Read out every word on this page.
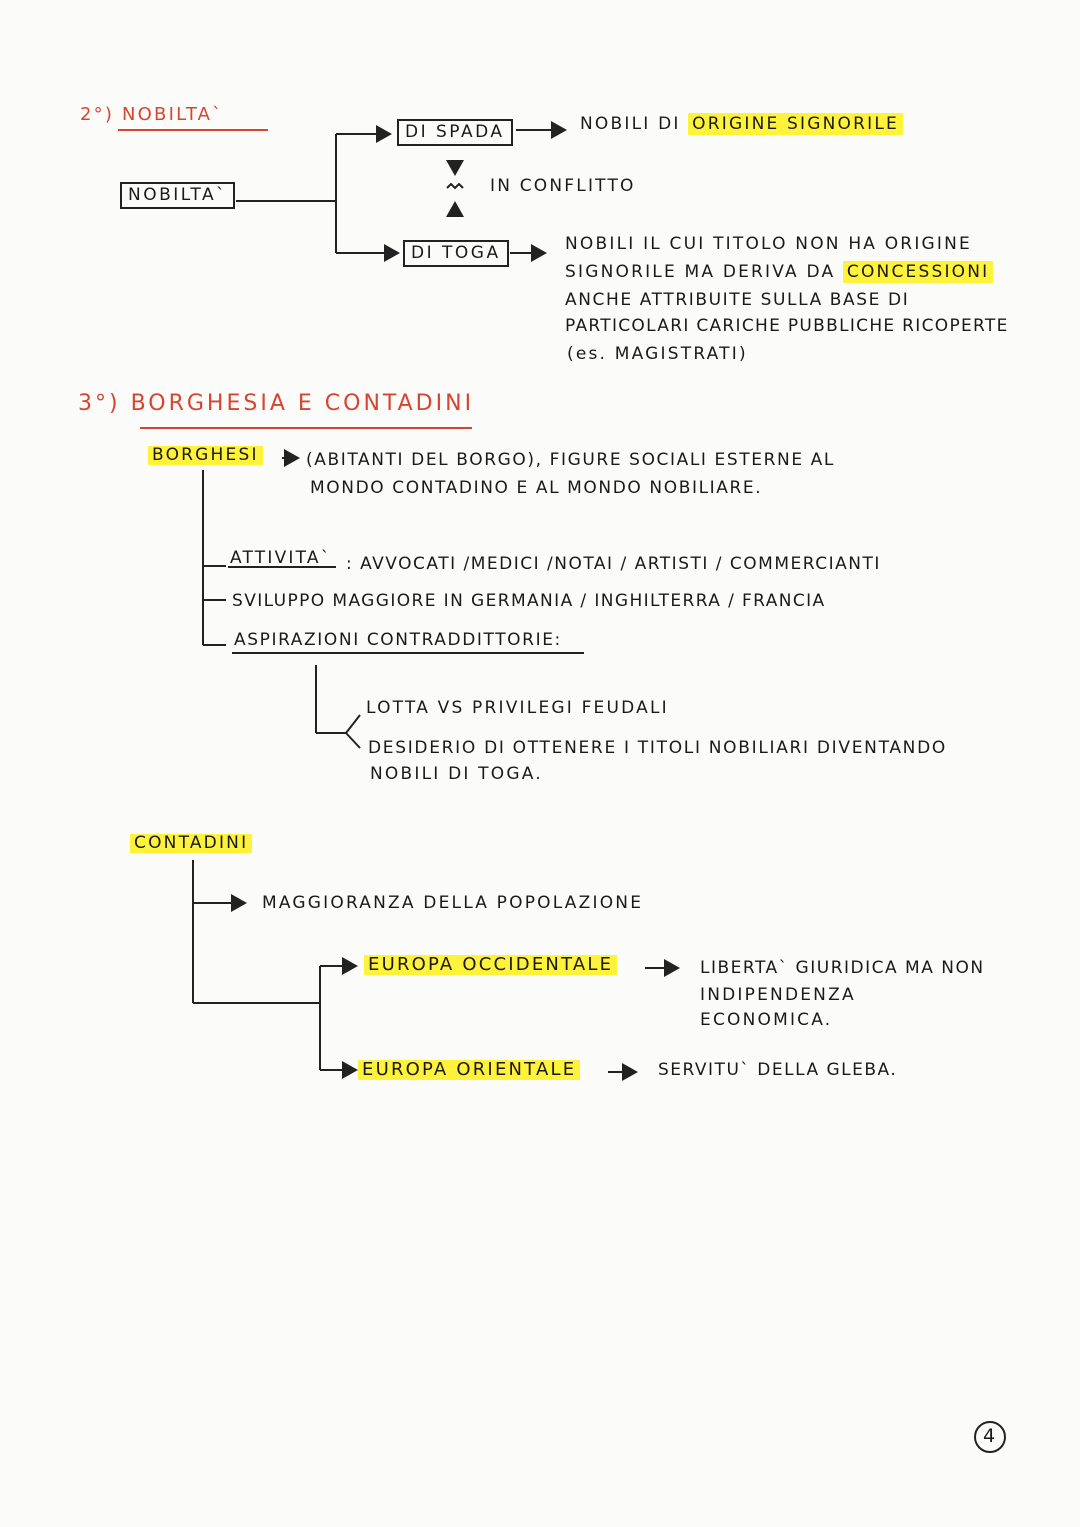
2°) NOBILTA`
NOBILTA`
DI SPADA	NOBILI DI ORIGINE SIGNORILE
IN CONFLITTO
DI TOGA	NOBILI IL CUI TITOLO NON HA ORIGINE
SIGNORILE MA DERIVA DA CONCESSIONI
ANCHE ATTRIBUITE SULLA BASE DI
PARTICOLARI CARICHE PUBBLICHE RICOPERTE
(es. MAGISTRATI)
3°) BORGHESIA E CONTADINI
BORGHESI	(ABITANTI DEL BORGO), FIGURE SOCIALI ESTERNE AL
MONDO CONTADINO E AL MONDO NOBILIARE.
ATTIVITA` : AVVOCATI /MEDICI /NOTAI / ARTISTI / COMMERCIANTI
SVILUPPO MAGGIORE IN GERMANIA / INGHILTERRA / FRANCIA
ASPIRAZIONI CONTRADDITTORIE:
LOTTA VS PRIVILEGI FEUDALI
DESIDERIO DI OTTENERE I TITOLI NOBILIARI DIVENTANDO
NOBILI DI TOGA.
CONTADINI
MAGGIORANZA DELLA POPOLAZIONE
EUROPA OCCIDENTALE	LIBERTA` GIURIDICA MA NON
INDIPENDENZA
ECONOMICA.
EUROPA ORIENTALE	SERVITU` DELLA GLEBA.
4
